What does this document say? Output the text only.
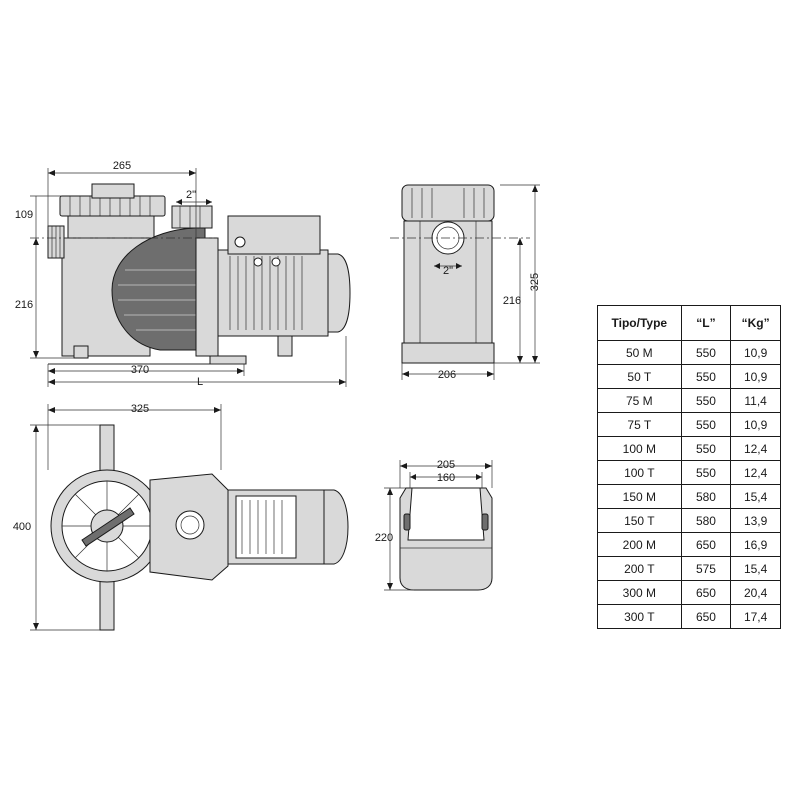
265
2"
109
216
370
L
2"
325
216
206
325
400
205
160
220
Tipo/Type	“L”	“Kg”
50 M	550	10,9
50 T	550	10,9
75 M	550	11,4
75 T	550	10,9
100 M	550	12,4
100 T	550	12,4
150 M	580	15,4
150 T	580	13,9
200 M	650	16,9
200 T	575	15,4
300 M	650	20,4
300 T	650	17,4
